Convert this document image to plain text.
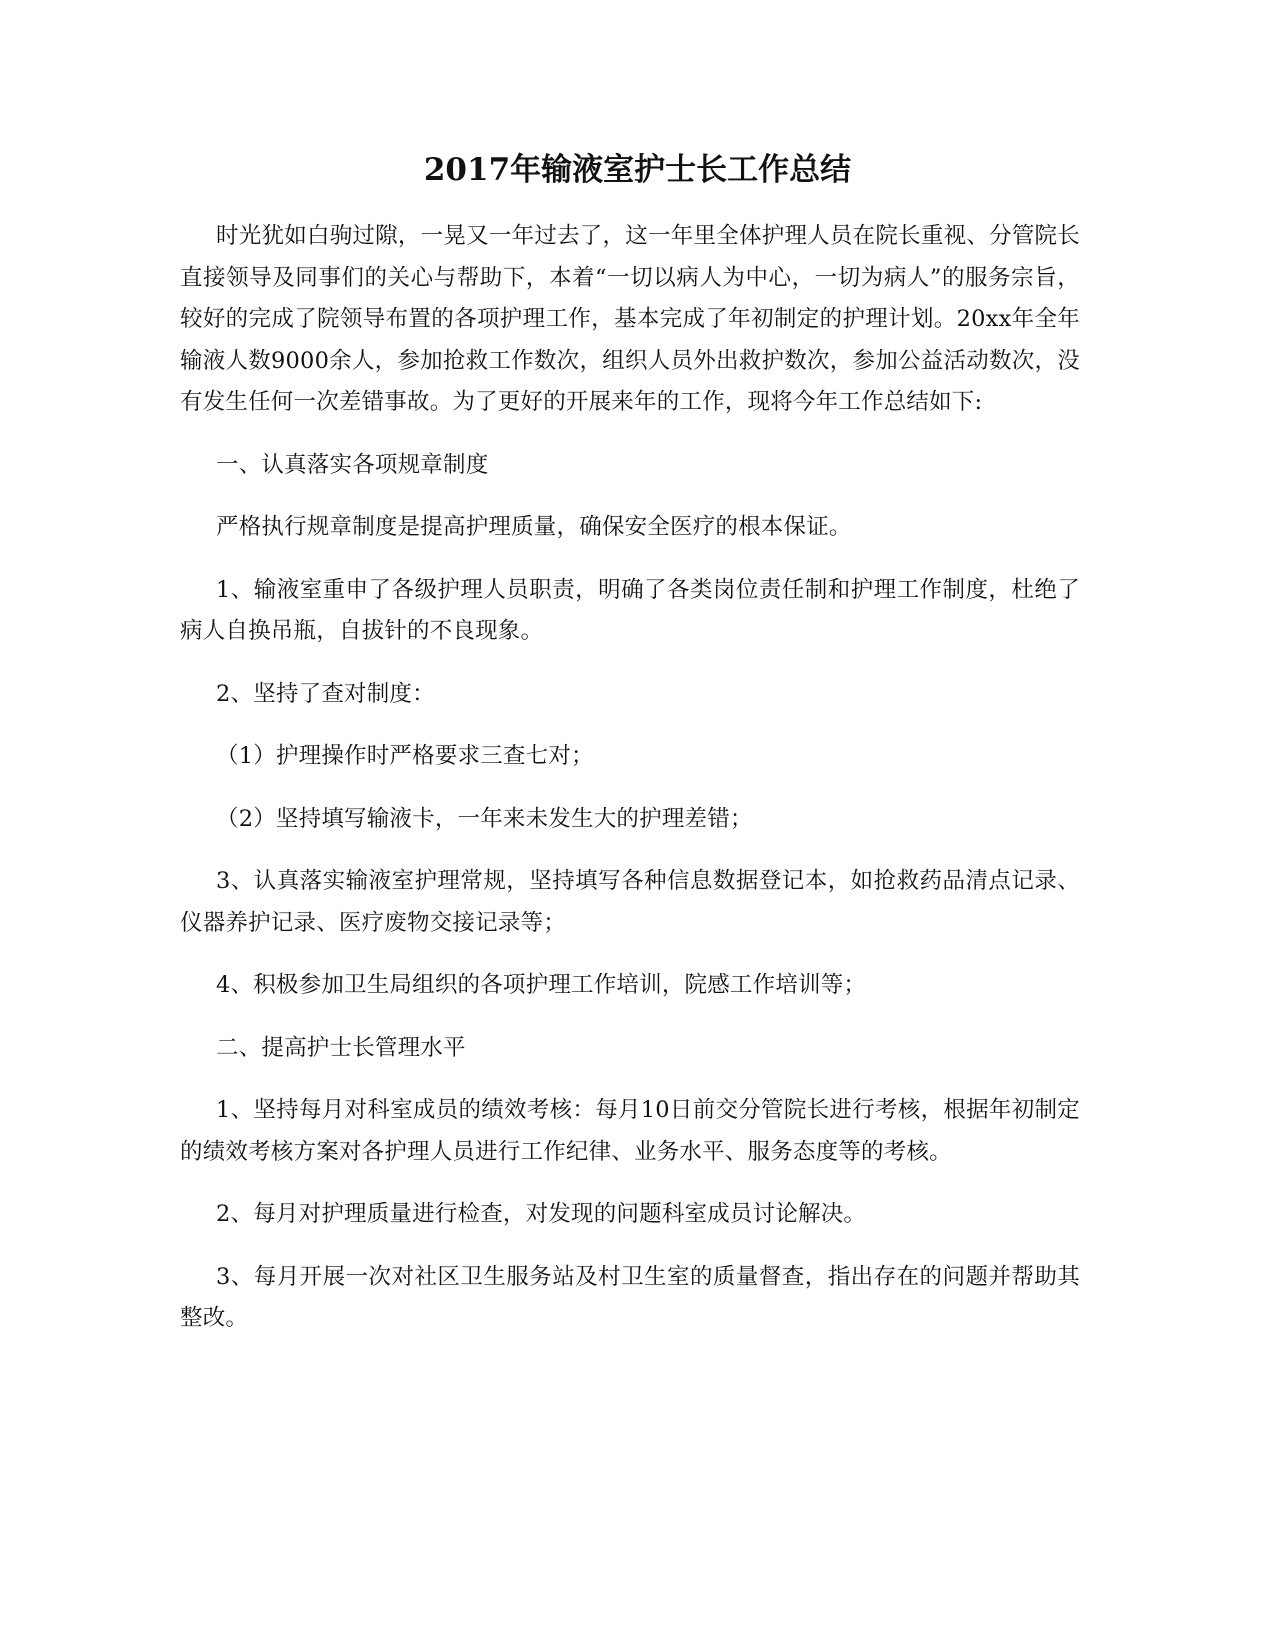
2017年输液室护士长工作总结

时光犹如白驹过隙，一晃又一年过去了，这一年里全体护理人员在院长重视、分管院长直接领导及同事们的关心与帮助下，本着“一切以病人为中心，一切为病人”的服务宗旨，较好的完成了院领导布置的各项护理工作，基本完成了年初制定的护理计划。20xx年全年输液人数9000余人，参加抢救工作数次，组织人员外出救护数次，参加公益活动数次，没有发生任何一次差错事故。为了更好的开展来年的工作，现将今年工作总结如下:

一、认真落实各项规章制度

严格执行规章制度是提高护理质量，确保安全医疗的根本保证。

1、输液室重申了各级护理人员职责，明确了各类岗位责任制和护理工作制度，杜绝了病人自换吊瓶，自拔针的不良现象。

2、坚持了查对制度：

（1）护理操作时严格要求三查七对；

（2）坚持填写输液卡，一年来未发生大的护理差错；

3、认真落实输液室护理常规，坚持填写各种信息数据登记本，如抢救药品清点记录、仪器养护记录、医疗废物交接记录等；

4、积极参加卫生局组织的各项护理工作培训，院感工作培训等；

二、提高护士长管理水平

1、坚持每月对科室成员的绩效考核：每月10日前交分管院长进行考核，根据年初制定的绩效考核方案对各护理人员进行工作纪律、业务水平、服务态度等的考核。

2、每月对护理质量进行检查，对发现的问题科室成员讨论解决。

3、每月开展一次对社区卫生服务站及村卫生室的质量督查，指出存在的问题并帮助其整改。
